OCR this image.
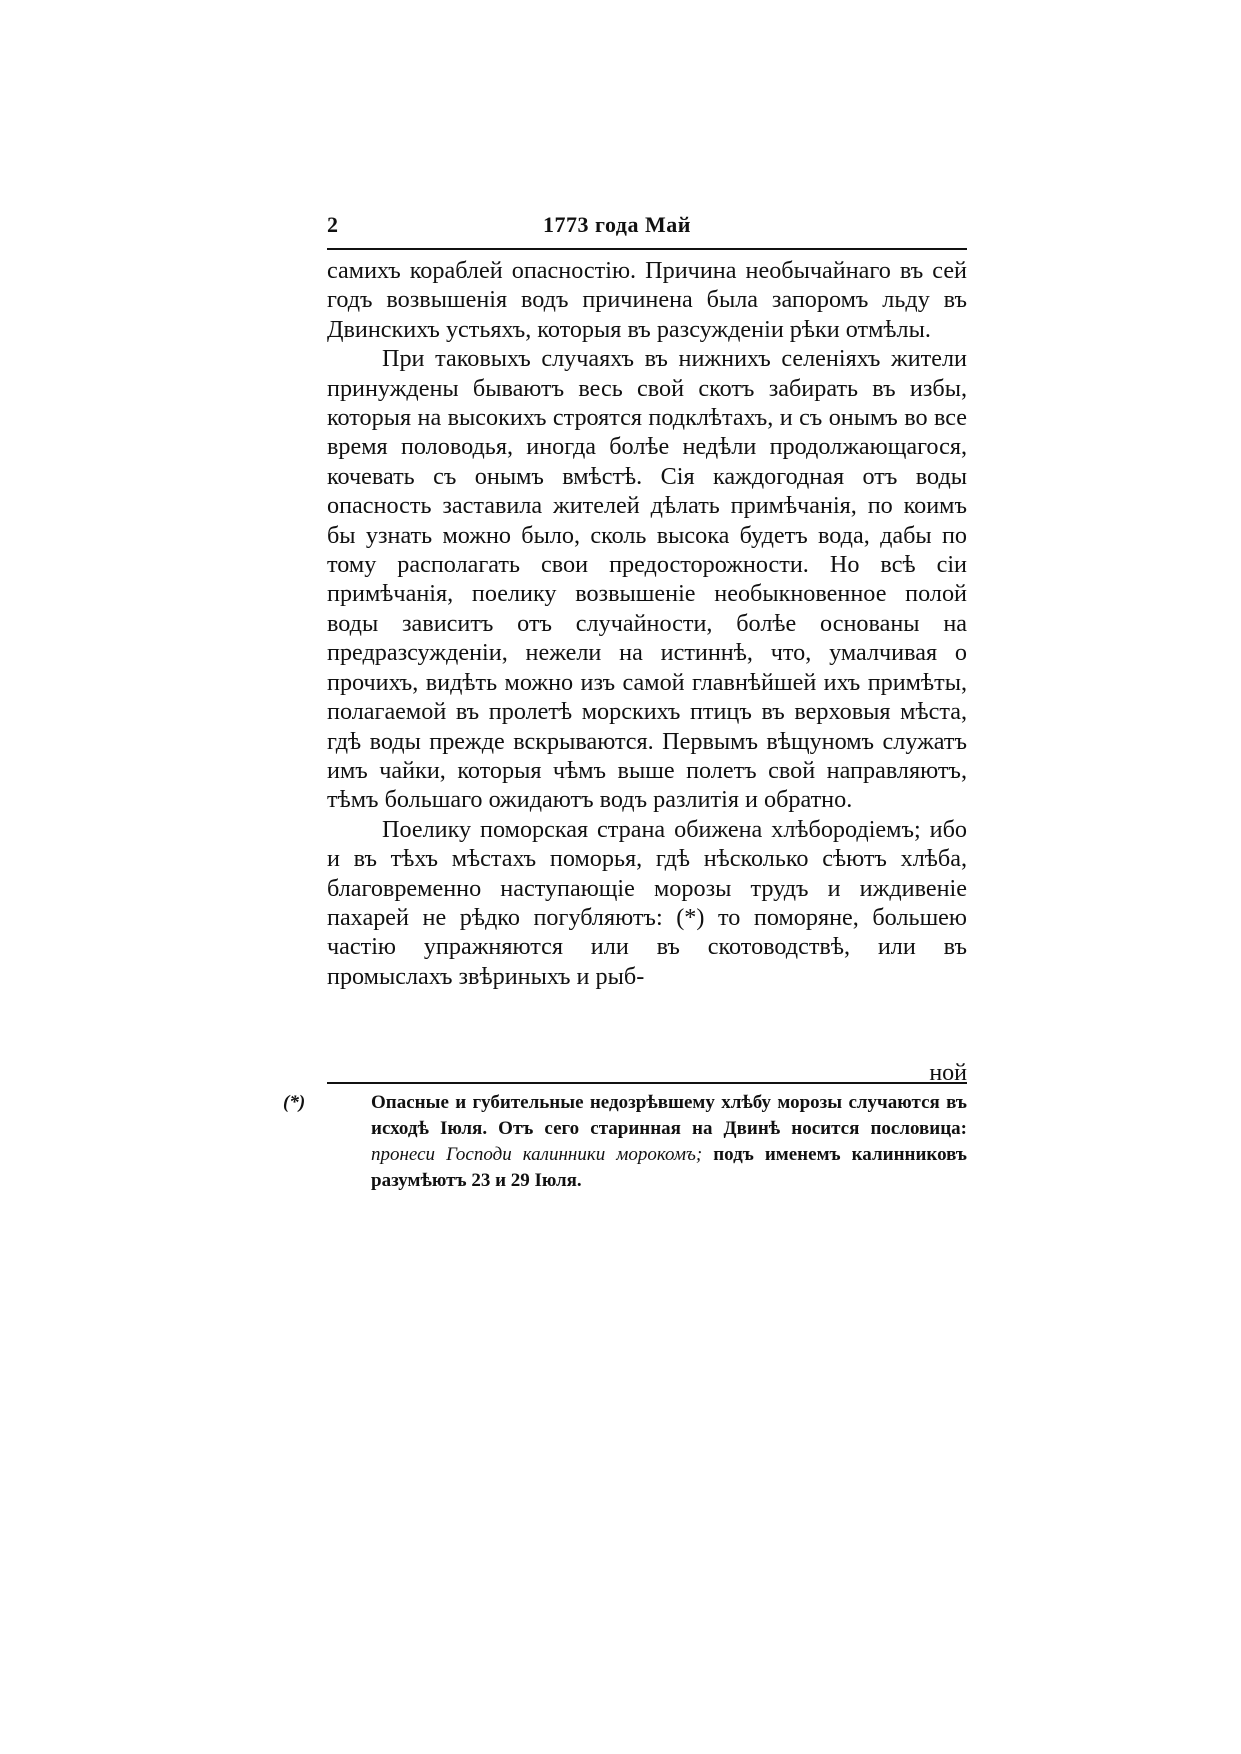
2	1773 года Май

самихъ кораблей опасностію. Причина необычайнаго въ сей годъ возвышенія водъ причинена была запоромъ льду въ Двинскихъ устьяхъ, которыя въ разсужденіи рѣки отмѣлы.

При таковыхъ случаяхъ въ нижнихъ селеніяхъ жители принуждены бываютъ весь свой скотъ забирать въ избы, которыя на высокихъ строятся подклѣтахъ, и съ онымъ во все время половодья, иногда болѣе недѣли продолжающагося, кочевать съ онымъ вмѣстѣ. Сія каждогодная отъ воды опасность заставила жителей дѣлать примѣчанія, по коимъ бы узнать можно было, сколь высока будетъ вода, дабы по тому располагать свои предосторожности. Но всѣ сіи примѣчанія, поелику возвышеніе необыкновенное полой воды зависитъ отъ случайности, болѣе основаны на предразсужденіи, нежели на истиннѣ, что, умалчивая о прочихъ, видѣть можно изъ самой главнѣйшей ихъ примѣты, полагаемой въ пролетѣ морскихъ птицъ въ верховыя мѣста, гдѣ воды прежде вскрываются. Первымъ вѣщуномъ служатъ имъ чайки, которыя чѣмъ выше полетъ свой направляютъ, тѣмъ большаго ожидаютъ водъ разлитія и обратно.

Поелику поморская страна обижена хлѣбородіемъ; ибо и въ тѣхъ мѣстахъ поморья, гдѣ нѣсколько сѣютъ хлѣба, благовременно наступающіе морозы трудъ и иждивеніе пахарей не рѣдко погубляютъ: (*) то поморяне, большею частію упражняются или въ скотоводствѣ, или въ промыслахъ звѣриныхъ и рыб-

ной

(*)	Опасные и губительные недозрѣвшему хлѣбу морозы случаются въ исходѣ Іюля. Отъ сего старинная на Двинѣ носится пословица: пронеси Господи калинники морокомъ; подъ именемъ калинниковъ разумѣютъ 23 и 29 Іюля.
